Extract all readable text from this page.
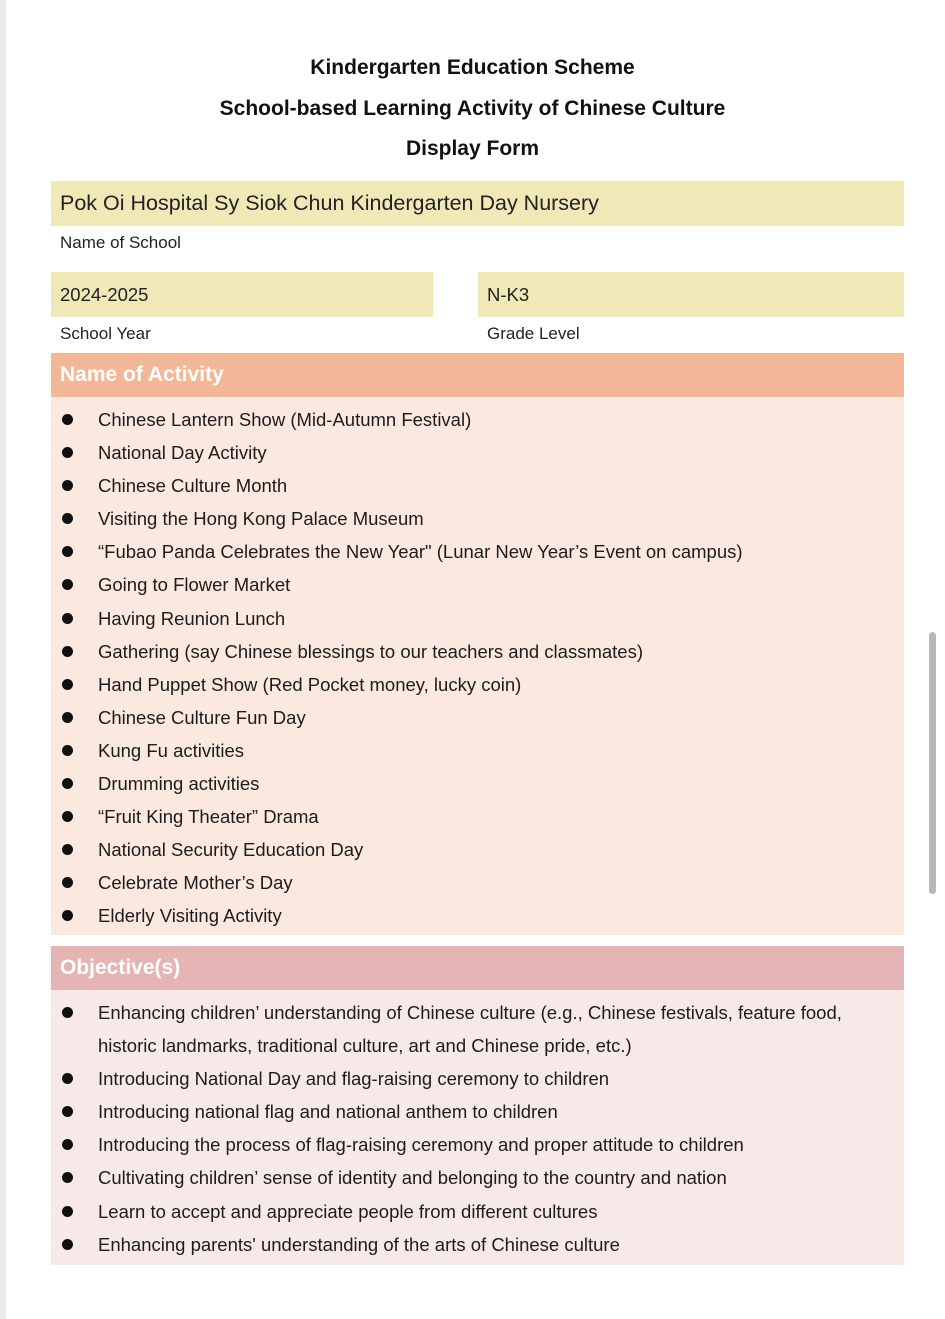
Kindergarten Education Scheme
School-based Learning Activity of Chinese Culture
Display Form
Pok Oi Hospital Sy Siok Chun Kindergarten Day Nursery
Name of School
2024-2025
School Year
N-K3
Grade Level
Name of Activity
Chinese Lantern Show (Mid-Autumn Festival)
National Day Activity
Chinese Culture Month
Visiting the Hong Kong Palace Museum
“Fubao Panda Celebrates the New Year" (Lunar New Year’s Event on campus)
Going to Flower Market
Having Reunion Lunch
Gathering (say Chinese blessings to our teachers and classmates)
Hand Puppet Show (Red Pocket money, lucky coin)
Chinese Culture Fun Day
Kung Fu activities
Drumming activities
“Fruit King Theater” Drama
National Security Education Day
Celebrate Mother’s Day
Elderly Visiting Activity
Objective(s)
Enhancing children’ understanding of Chinese culture (e.g., Chinese festivals, feature food, historic landmarks, traditional culture, art and Chinese pride, etc.)
Introducing National Day and flag-raising ceremony to children
Introducing national flag and national anthem to children
Introducing the process of flag-raising ceremony and proper attitude to children
Cultivating children’ sense of identity and belonging to the country and nation
Learn to accept and appreciate people from different cultures
Enhancing parents' understanding of the arts of Chinese culture
